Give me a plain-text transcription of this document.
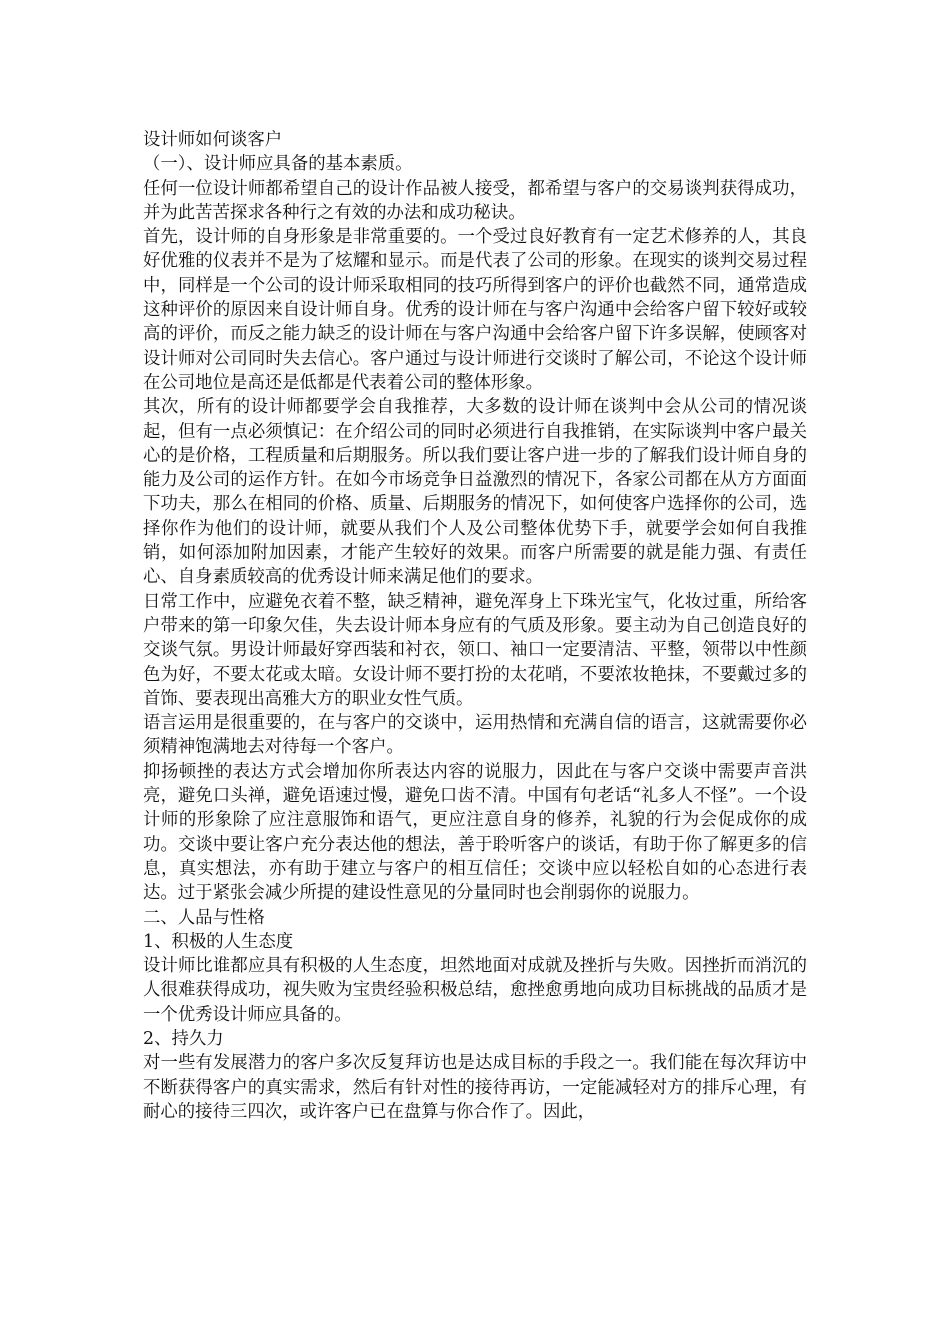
设计师如何谈客户

（一）、设计师应具备的基本素质。

任何一位设计师都希望自己的设计作品被人接受，都希望与客户的交易谈判获得成功，并为此苦苦探求各种行之有效的办法和成功秘诀。

首先，设计师的自身形象是非常重要的。一个受过良好教育有一定艺术修养的人，其良好优雅的仪表并不是为了炫耀和显示。而是代表了公司的形象。在现实的谈判交易过程中，同样是一个公司的设计师采取相同的技巧所得到客户的评价也截然不同，通常造成这种评价的原因来自设计师自身。优秀的设计师在与客户沟通中会给客户留下较好或较高的评价，而反之能力缺乏的设计师在与客户沟通中会给客户留下许多误解，使顾客对设计师对公司同时失去信心。客户通过与设计师进行交谈时了解公司，不论这个设计师在公司地位是高还是低都是代表着公司的整体形象。

其次，所有的设计师都要学会自我推荐，大多数的设计师在谈判中会从公司的情况谈起，但有一点必须慎记：在介绍公司的同时必须进行自我推销，在实际谈判中客户最关心的是价格，工程质量和后期服务。所以我们要让客户进一步的了解我们设计师自身的能力及公司的运作方针。在如今市场竞争日益激烈的情况下，各家公司都在从方方面面下功夫，那么在相同的价格、质量、后期服务的情况下，如何使客户选择你的公司，选择你作为他们的设计师，就要从我们个人及公司整体优势下手，就要学会如何自我推销，如何添加附加因素，才能产生较好的效果。而客户所需要的就是能力强、有责任心、自身素质较高的优秀设计师来满足他们的要求。

日常工作中，应避免衣着不整，缺乏精神，避免浑身上下珠光宝气，化妆过重，所给客户带来的第一印象欠佳，失去设计师本身应有的气质及形象。要主动为自己创造良好的交谈气氛。男设计师最好穿西装和衬衣，领口、袖口一定要清洁、平整，领带以中性颜色为好，不要太花或太暗。女设计师不要打扮的太花哨，不要浓妆艳抹，不要戴过多的首饰、要表现出高雅大方的职业女性气质。

语言运用是很重要的，在与客户的交谈中，运用热情和充满自信的语言，这就需要你必须精神饱满地去对待每一个客户。

抑扬顿挫的表达方式会增加你所表达内容的说服力，因此在与客户交谈中需要声音洪亮，避免口头禅，避免语速过慢，避免口齿不清。中国有句老话“礼多人不怪”。一个设计师的形象除了应注意服饰和语气，更应注意自身的修养，礼貌的行为会促成你的成功。交谈中要让客户充分表达他的想法，善于聆听客户的谈话，有助于你了解更多的信息，真实想法，亦有助于建立与客户的相互信任；交谈中应以轻松自如的心态进行表达。过于紧张会减少所提的建设性意见的分量同时也会削弱你的说服力。

二、人品与性格

1、积极的人生态度

设计师比谁都应具有积极的人生态度，坦然地面对成就及挫折与失败。因挫折而消沉的人很难获得成功，视失败为宝贵经验积极总结，愈挫愈勇地向成功目标挑战的品质才是一个优秀设计师应具备的。

2、持久力

对一些有发展潜力的客户多次反复拜访也是达成目标的手段之一。我们能在每次拜访中不断获得客户的真实需求，然后有针对性的接待再访，一定能减轻对方的排斥心理，有耐心的接待三四次，或许客户已在盘算与你合作了。因此，
